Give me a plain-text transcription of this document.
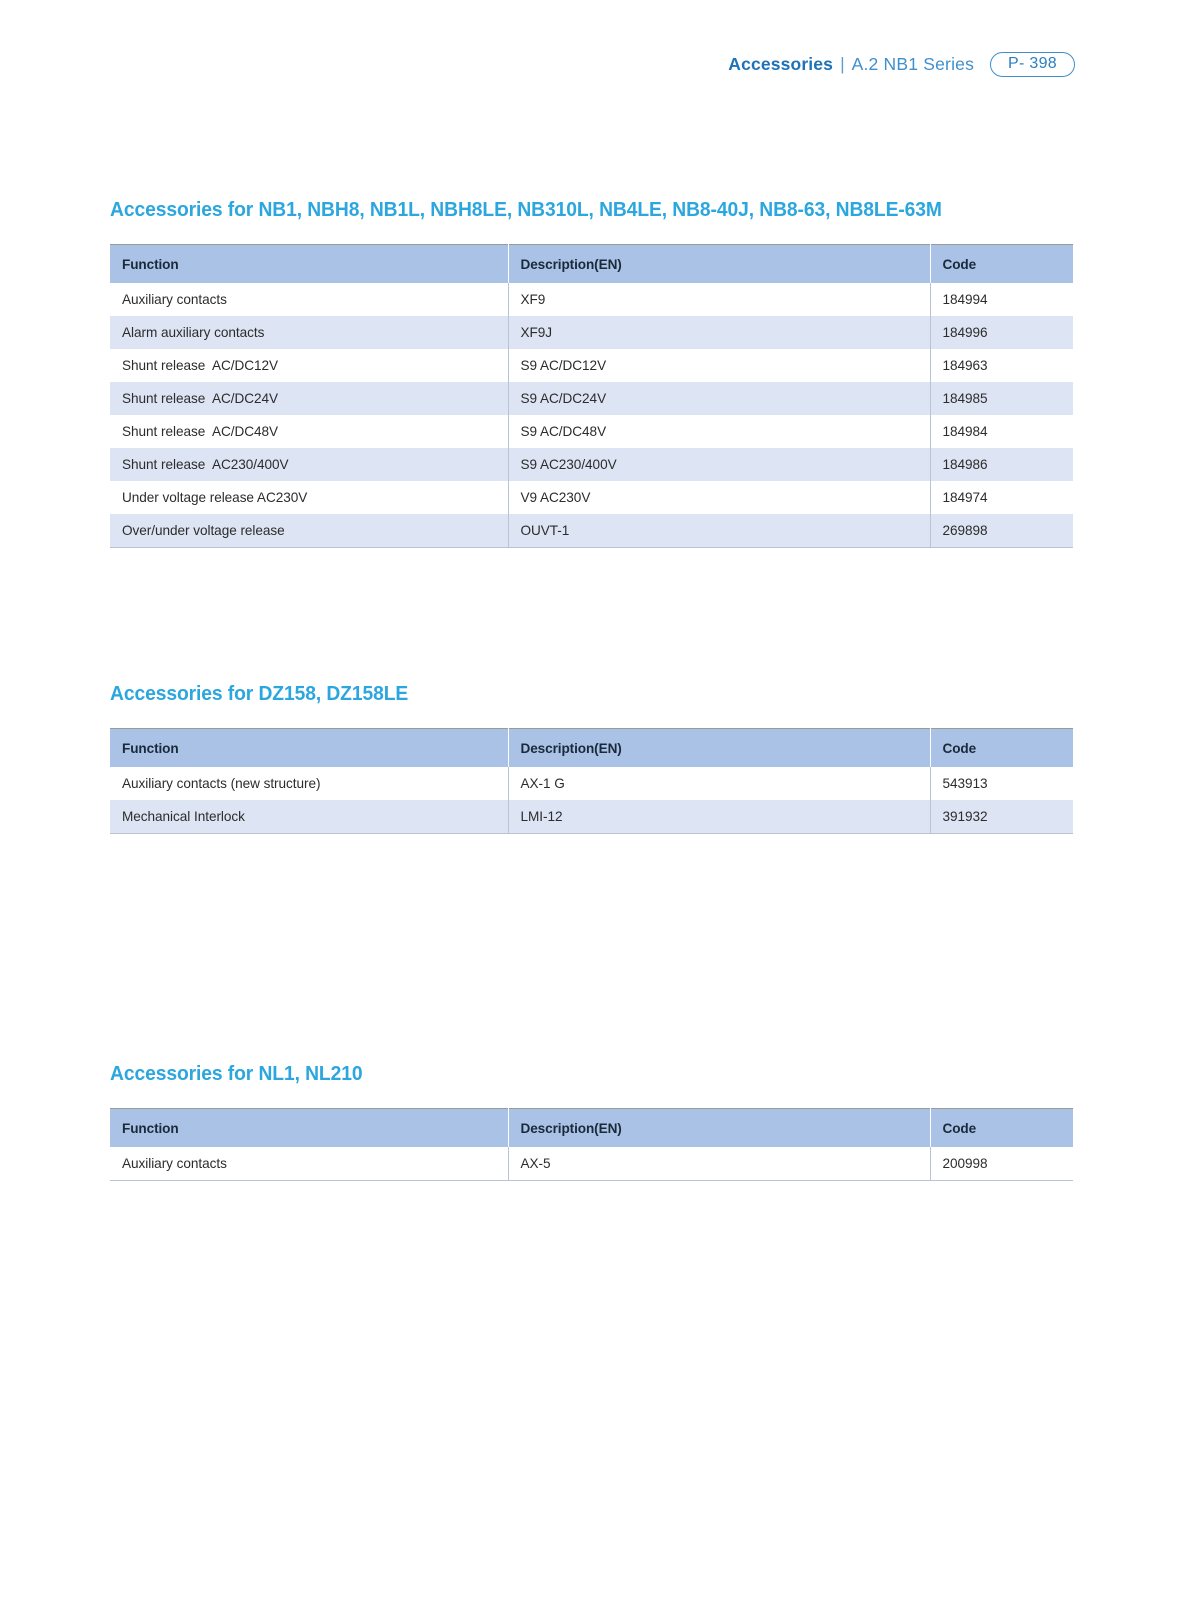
Accessories | A.2 NB1 Series	P- 398
Accessories for NB1, NBH8, NB1L, NBH8LE, NB310L, NB4LE, NB8-40J, NB8-63, NB8LE-63M
Function	Description(EN)	Code
Auxiliary contacts	XF9	184994
Alarm auxiliary contacts	XF9J	184996
Shunt release  AC/DC12V	S9 AC/DC12V	184963
Shunt release  AC/DC24V	S9 AC/DC24V	184985
Shunt release  AC/DC48V	S9 AC/DC48V	184984
Shunt release  AC230/400V	S9 AC230/400V	184986
Under voltage release AC230V	V9 AC230V	184974
Over/under voltage release	OUVT-1	269898
Accessories for DZ158, DZ158LE
Function	Description(EN)	Code
Auxiliary contacts (new structure)	AX-1 G	543913
Mechanical Interlock	LMI-12	391932
Accessories for NL1, NL210
Function	Description(EN)	Code
Auxiliary contacts	AX-5	200998
